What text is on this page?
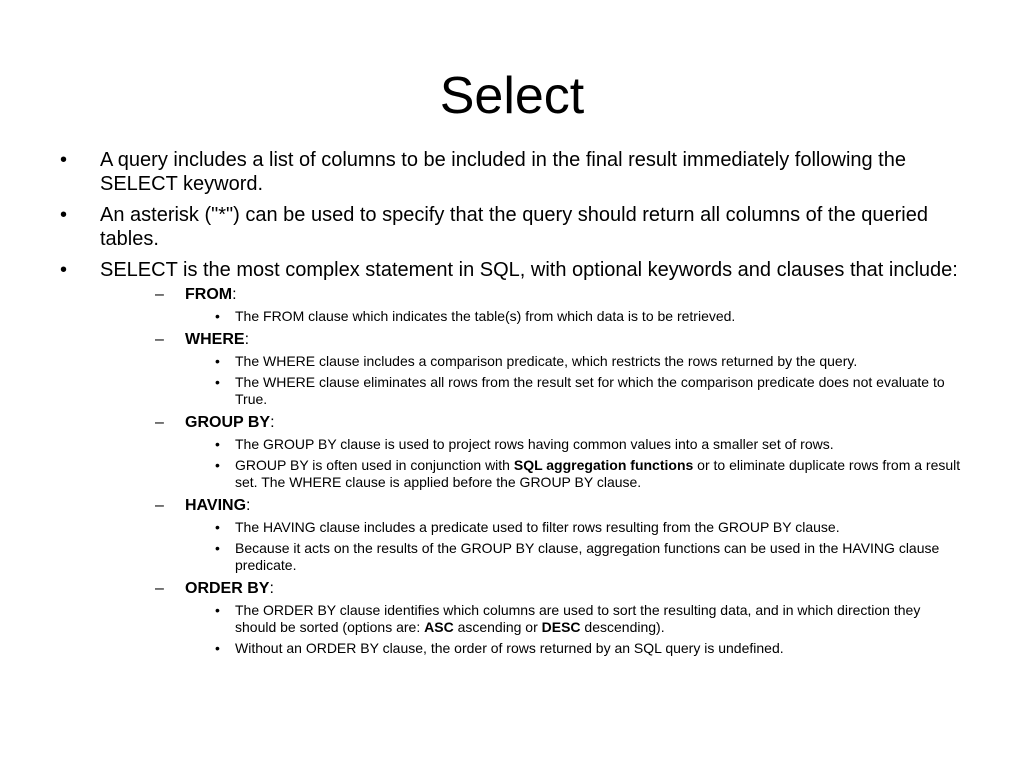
Select
• A query includes a list of columns to be included in the final result immediately following the SELECT keyword.
• An asterisk ("*") can be used to specify that the query should return all columns of the queried tables.
• SELECT is the most complex statement in SQL, with optional keywords and clauses that include:
– FROM:
• The FROM clause which indicates the table(s) from which data is to be retrieved.
– WHERE:
• The WHERE clause includes a comparison predicate, which restricts the rows returned by the query.
• The WHERE clause eliminates all rows from the result set for which the comparison predicate does not evaluate to True.
– GROUP BY:
• The GROUP BY clause is used to project rows having common values into a smaller set of rows.
• GROUP BY is often used in conjunction with SQL aggregation functions or to eliminate duplicate rows from a result set. The WHERE clause is applied before the GROUP BY clause.
– HAVING:
• The HAVING clause includes a predicate used to filter rows resulting from the GROUP BY clause.
• Because it acts on the results of the GROUP BY clause, aggregation functions can be used in the HAVING clause predicate.
– ORDER BY:
• The ORDER BY clause identifies which columns are used to sort the resulting data, and in which direction they should be sorted (options are: ASC ascending or DESC descending).
• Without an ORDER BY clause, the order of rows returned by an SQL query is undefined.
